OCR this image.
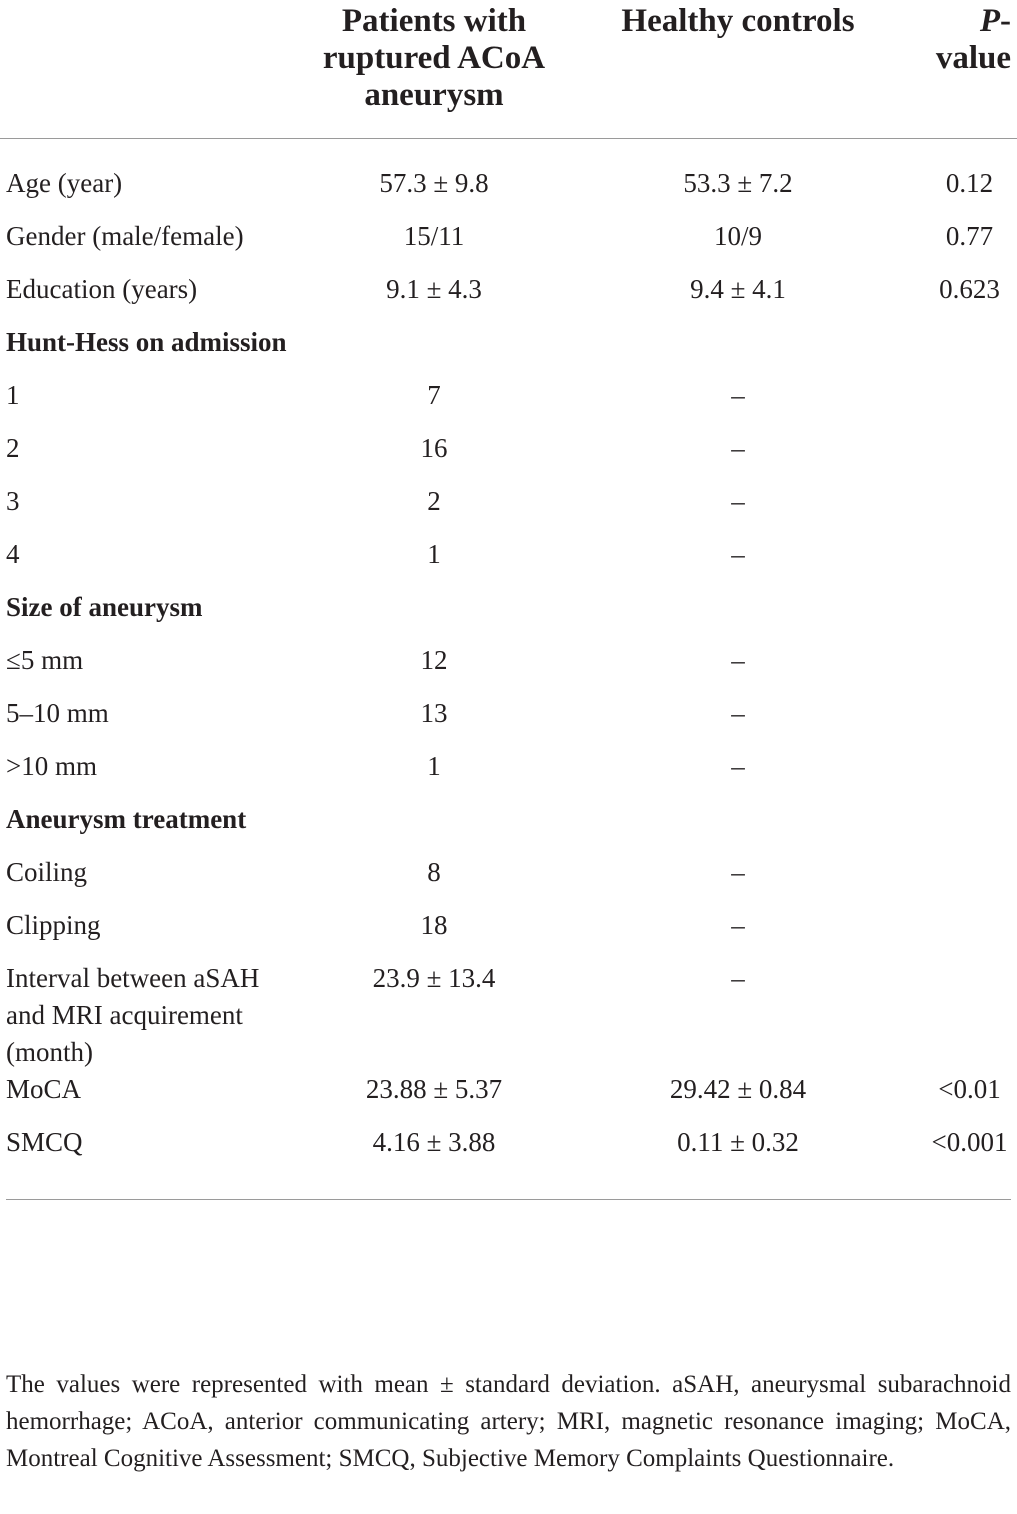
	Patients with ruptured ACoA aneurysm	Healthy controls	P-value
Age (year)	57.3 ± 9.8	53.3 ± 7.2	0.12
Gender (male/female)	15/11	10/9	0.77
Education (years)	9.1 ± 4.3	9.4 ± 4.1	0.623
Hunt-Hess on admission			
1	7	–	
2	16	–	
3	2	–	
4	1	–	
Size of aneurysm			
≤5 mm	12	–	
5–10 mm	13	–	
>10 mm	1	–	
Aneurysm treatment			
Coiling	8	–	
Clipping	18	–	
Interval between aSAH and MRI acquirement (month)	23.9 ± 13.4	–	
MoCA	23.88 ± 5.37	29.42 ± 0.84	<0.01
SMCQ	4.16 ± 3.88	0.11 ± 0.32	<0.001
The values were represented with mean ± standard deviation. aSAH, aneurysmal subarachnoid hemorrhage; ACoA, anterior communicating artery; MRI, magnetic resonance imaging; MoCA, Montreal Cognitive Assessment; SMCQ, Subjective Memory Complaints Questionnaire.
